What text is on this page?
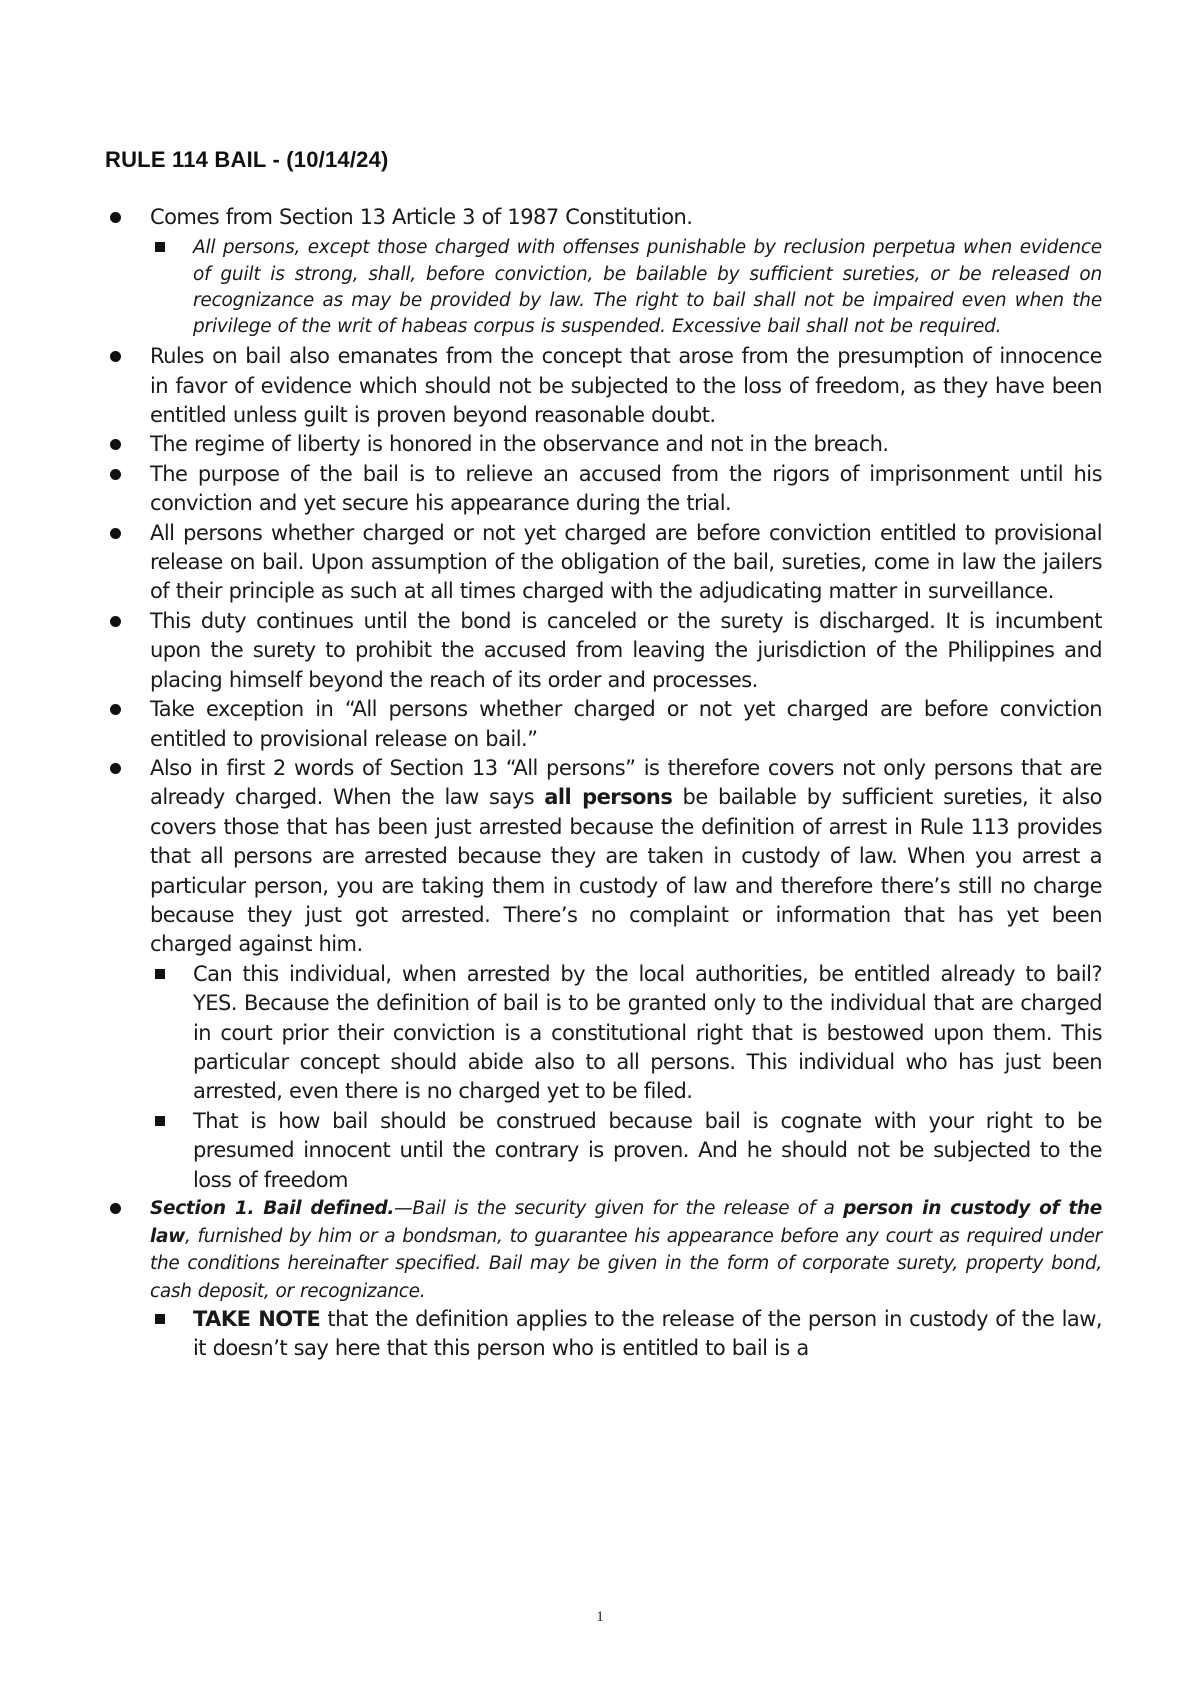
RULE 114 BAIL - (10/14/24)
Comes from Section 13 Article 3 of 1987 Constitution.
All persons, except those charged with offenses punishable by reclusion perpetua when evidence of guilt is strong, shall, before conviction, be bailable by sufficient sureties, or be released on recognizance as may be provided by law. The right to bail shall not be impaired even when the privilege of the writ of habeas corpus is suspended. Excessive bail shall not be required.
Rules on bail also emanates from the concept that arose from the presumption of innocence in favor of evidence which should not be subjected to the loss of freedom, as they have been entitled unless guilt is proven beyond reasonable doubt.
The regime of liberty is honored in the observance and not in the breach.
The purpose of the bail is to relieve an accused from the rigors of imprisonment until his conviction and yet secure his appearance during the trial.
All persons whether charged or not yet charged are before conviction entitled to provisional release on bail. Upon assumption of the obligation of the bail, sureties, come in law the jailers of their principle as such at all times charged with the adjudicating matter in surveillance.
This duty continues until the bond is canceled or the surety is discharged. It is incumbent upon the surety to prohibit the accused from leaving the jurisdiction of the Philippines and placing himself beyond the reach of its order and processes.
Take exception in “All persons whether charged or not yet charged are before conviction entitled to provisional release on bail.”
Also in first 2 words of Section 13 “All persons” is therefore covers not only persons that are already charged. When the law says all persons be bailable by sufficient sureties, it also covers those that has been just arrested because the definition of arrest in Rule 113 provides that all persons are arrested because they are taken in custody of law. When you arrest a particular person, you are taking them in custody of law and therefore there’s still no charge because they just got arrested. There’s no complaint or information that has yet been charged against him.
Can this individual, when arrested by the local authorities, be entitled already to bail? YES. Because the definition of bail is to be granted only to the individual that are charged in court prior their conviction is a constitutional right that is bestowed upon them. This particular concept should abide also to all persons. This individual who has just been arrested, even there is no charged yet to be filed.
That is how bail should be construed because bail is cognate with your right to be presumed innocent until the contrary is proven. And he should not be subjected to the loss of freedom
Section 1. Bail defined.—Bail is the security given for the release of a person in custody of the law, furnished by him or a bondsman, to guarantee his appearance before any court as required under the conditions hereinafter specified. Bail may be given in the form of corporate surety, property bond, cash deposit, or recognizance.
TAKE NOTE that the definition applies to the release of the person in custody of the law, it doesn’t say here that this person who is entitled to bail is a
1
